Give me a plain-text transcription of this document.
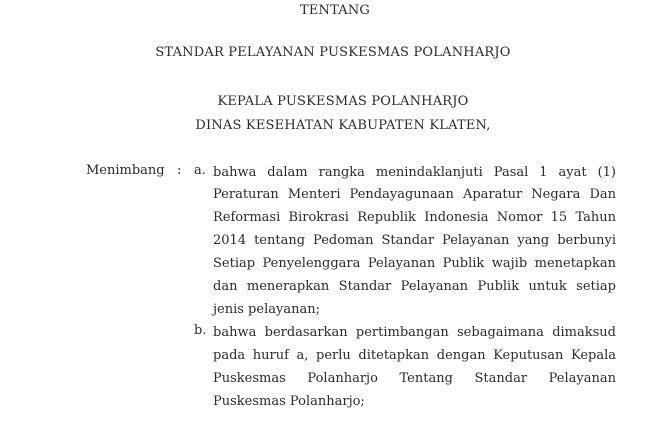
TENTANG
STANDAR PELAYANAN PUSKESMAS POLANHARJO
KEPALA PUSKESMAS POLANHARJO
DINAS KESEHATAN KABUPATEN KLATEN,
Menimbang : a. bahwa dalam rangka menindaklanjuti Pasal 1 ayat (1)
Peraturan Menteri Pendayagunaan Aparatur Negara Dan
Reformasi Birokrasi Republik Indonesia Nomor 15 Tahun
2014 tentang Pedoman Standar Pelayanan yang berbunyi
Setiap Penyelenggara Pelayanan Publik wajib menetapkan
dan menerapkan Standar Pelayanan Publik untuk setiap
jenis pelayanan;
b. bahwa berdasarkan pertimbangan sebagaimana dimaksud
pada huruf a, perlu ditetapkan dengan Keputusan Kepala
Puskesmas Polanharjo Tentang Standar Pelayanan
Puskesmas Polanharjo;
